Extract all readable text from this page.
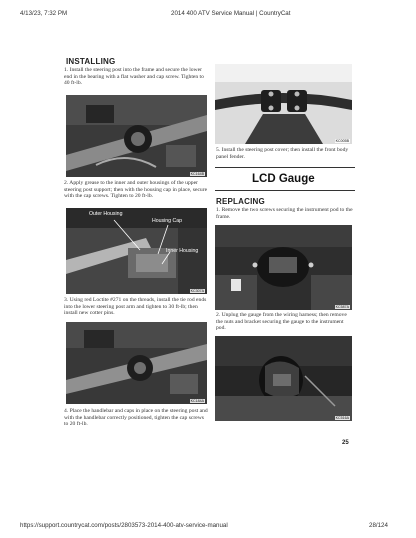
4/13/23, 7:32 PM	2014 400 ATV Service Manual | CountryCat
INSTALLING

1. Install the steering post into the frame and secure the lower end in the bearing with a flat washer and cap screw. Tighten to 40 ft-lb.

KC164B

2. Apply grease to the inner and outer housings of the upper steering post support; then with the housing cap in place, secure with the cap screws. Tighten to 20 ft-lb.

Outer Housing
Housing Cap
Inner Housing
KC307A

3. Using red Loctite #271 on the threads, install the tie rod ends into the lower steering post arm and tighten to 30 ft-lb; then install new cotter pins.

KC184A

4. Place the handlebar and caps in place on the steering post and with the handlebar correctly positioned, tighten the cap screws to 20 ft-lb.

KC005B

5. Install the steering post cover; then install the front body panel fender.

LCD Gauge
REPLACING

1. Remove the two screws securing the instrument pod to the frame.

KC587A

2. Unplug the gauge from the wiring harness; then remove the nuts and bracket securing the gauge to the instrument pod.

KC516A
25
https://support.countrycat.com/posts/2803573-2014-400-atv-service-manual	28/124
